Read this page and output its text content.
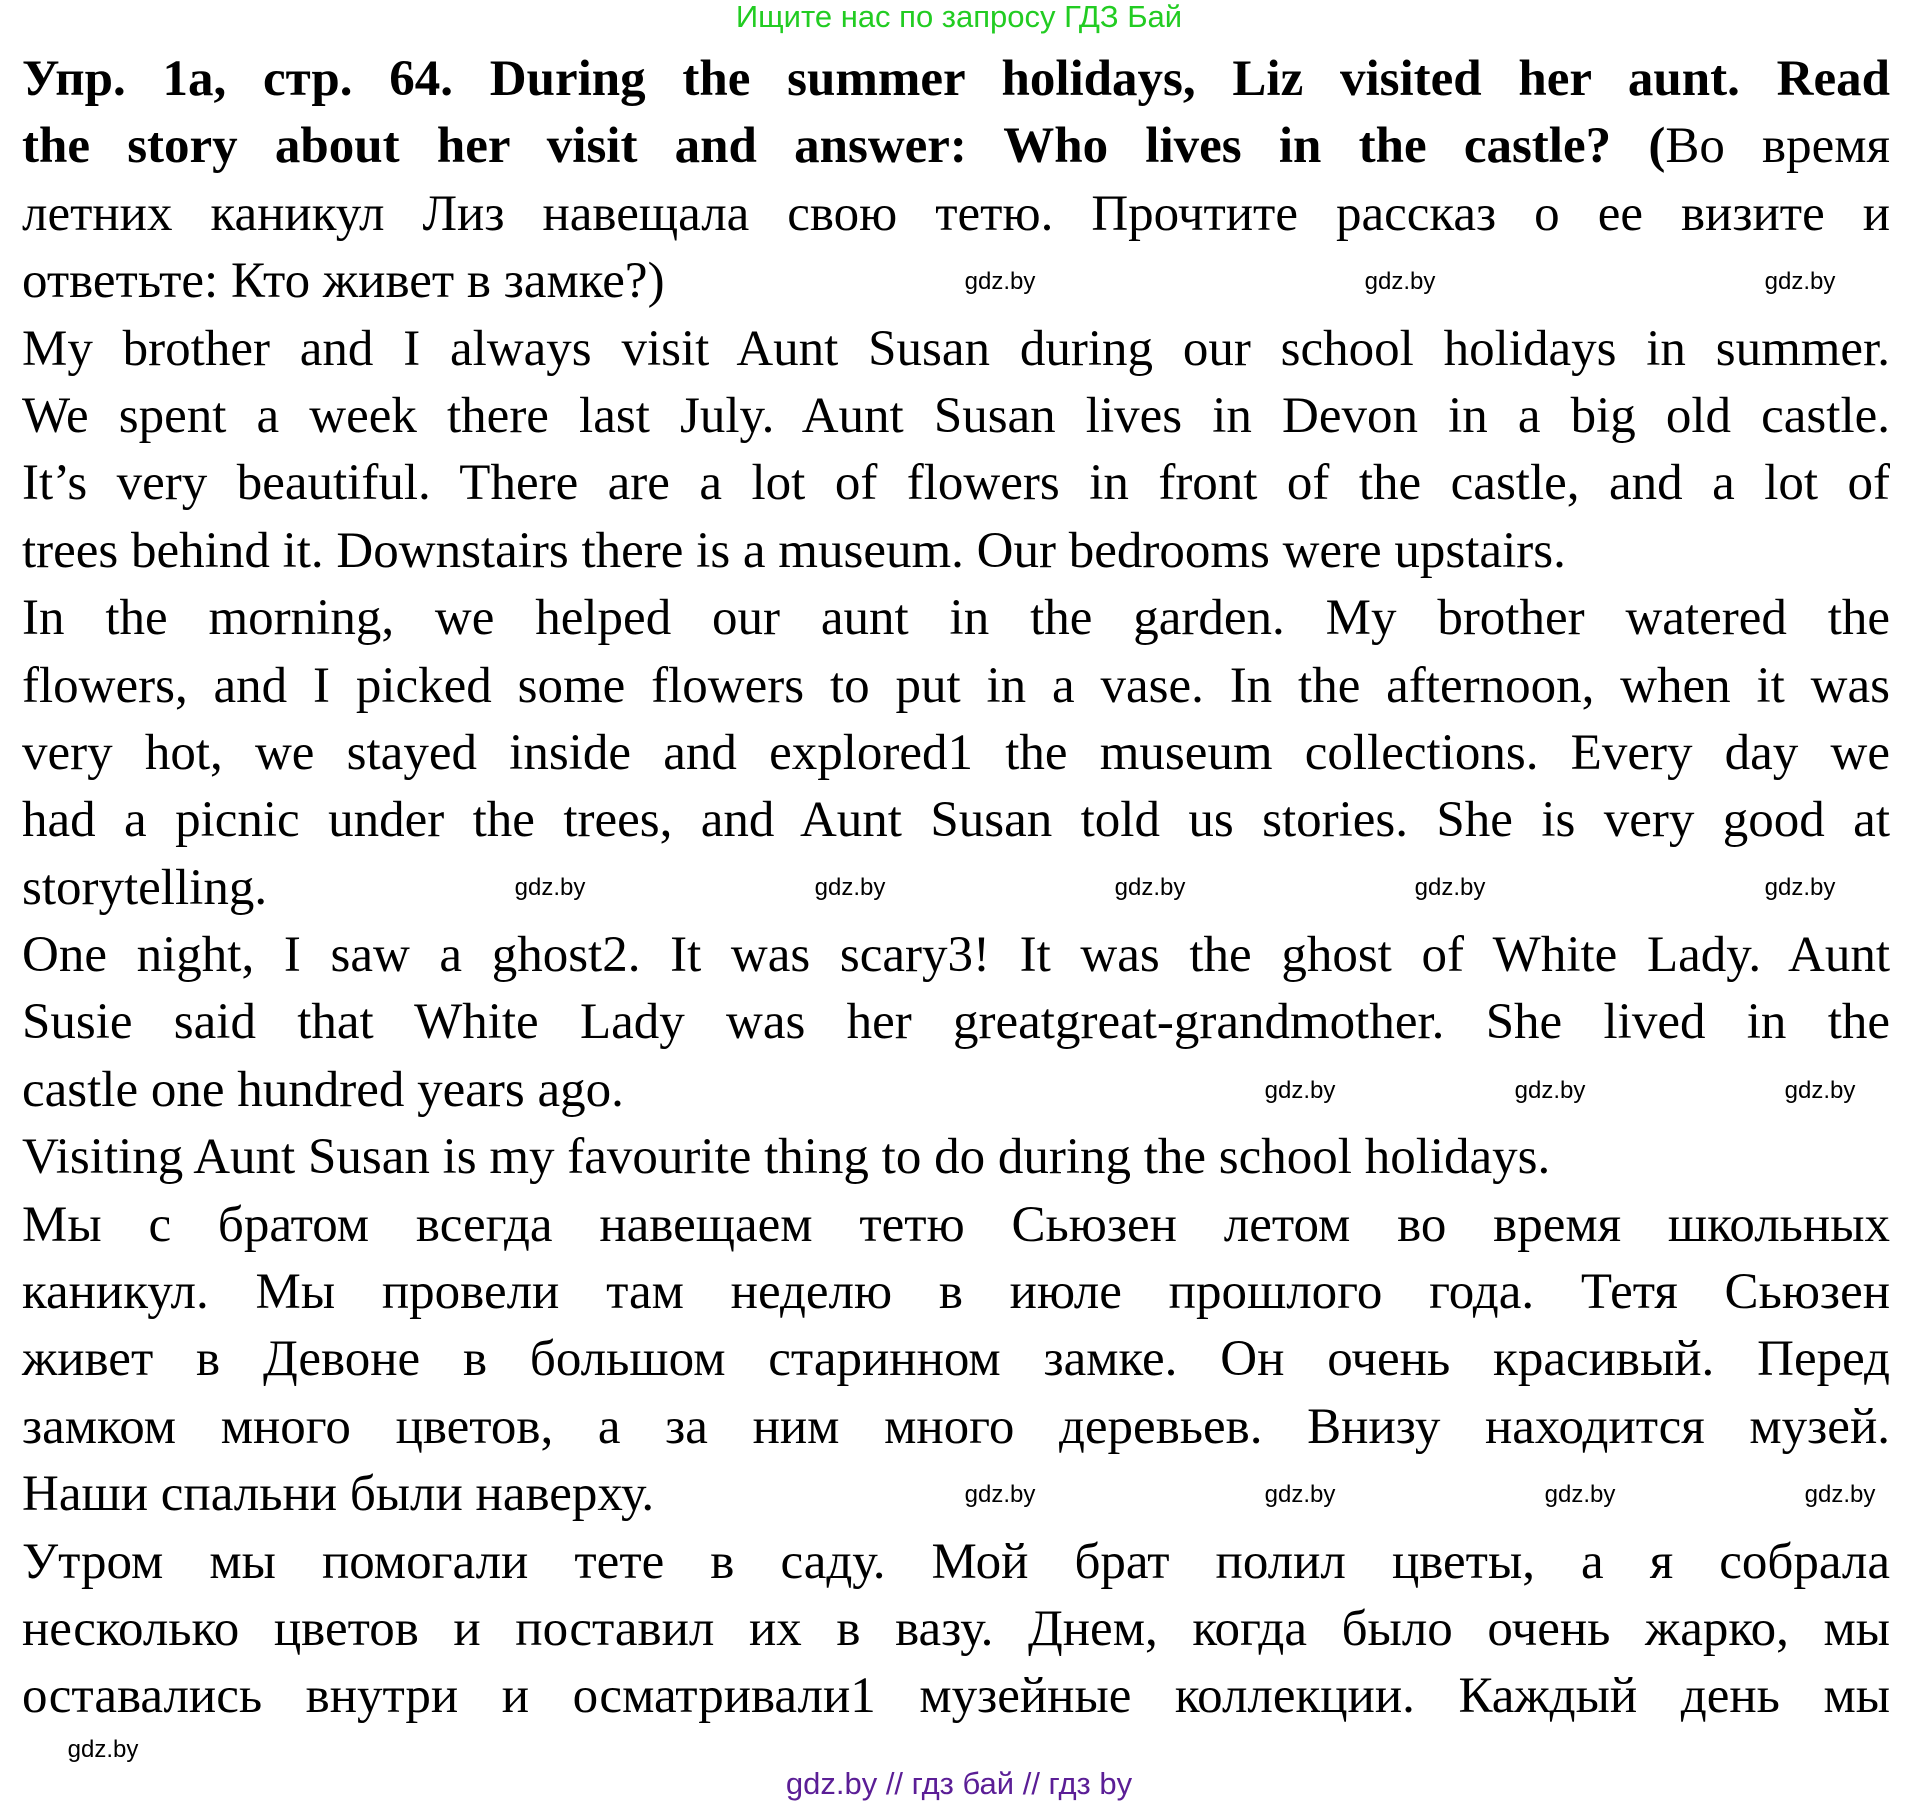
Ищите нас по запросу ГДЗ Бай
Упр. 1a, стр. 64. During the summer holidays, Liz visited her aunt. Read
the story about her visit and answer: Who lives in the castle? (Во время
летних каникул Лиз навещала свою тетю. Прочтите рассказ о ее визите и
ответьте: Кто живет в замке?)
My brother and I always visit Aunt Susan during our school holidays in summer.
We spent a week there last July. Aunt Susan lives in Devon in a big old castle.
It’s very beautiful. There are a lot of flowers in front of the castle, and a lot of
trees behind it. Downstairs there is a museum. Our bedrooms were upstairs.
In the morning, we helped our aunt in the garden. My brother watered the
flowers, and I picked some flowers to put in a vase. In the afternoon, when it was
very hot, we stayed inside and explored1 the museum collections. Every day we
had a picnic under the trees, and Aunt Susan told us stories. She is very good at
storytelling.
One night, I saw a ghost2. It was scary3! It was the ghost of White Lady. Aunt
Susie said that White Lady was her greatgreat-grandmother. She lived in the
castle one hundred years ago.
Visiting Aunt Susan is my favourite thing to do during the school holidays.
Мы с братом всегда навещаем тетю Сьюзен летом во время школьных
каникул. Мы провели там неделю в июле прошлого года. Тетя Сьюзен
живет в Девоне в большом старинном замке. Он очень красивый. Перед
замком много цветов, а за ним много деревьев. Внизу находится музей.
Наши спальни были наверху.
Утром мы помогали тете в саду. Мой брат полил цветы, а я собрала
несколько цветов и поставил их в вазу. Днем, когда было очень жарко, мы
оставались внутри и осматривали1 музейные коллекции. Каждый день мы
gdz.by	gdz.by	gdz.by
gdz.by	gdz.by	gdz.by	gdz.by	gdz.by
gdz.by	gdz.by	gdz.by
gdz.by	gdz.by	gdz.by	gdz.by
gdz.by
gdz.by // гдз бай // гдз by
